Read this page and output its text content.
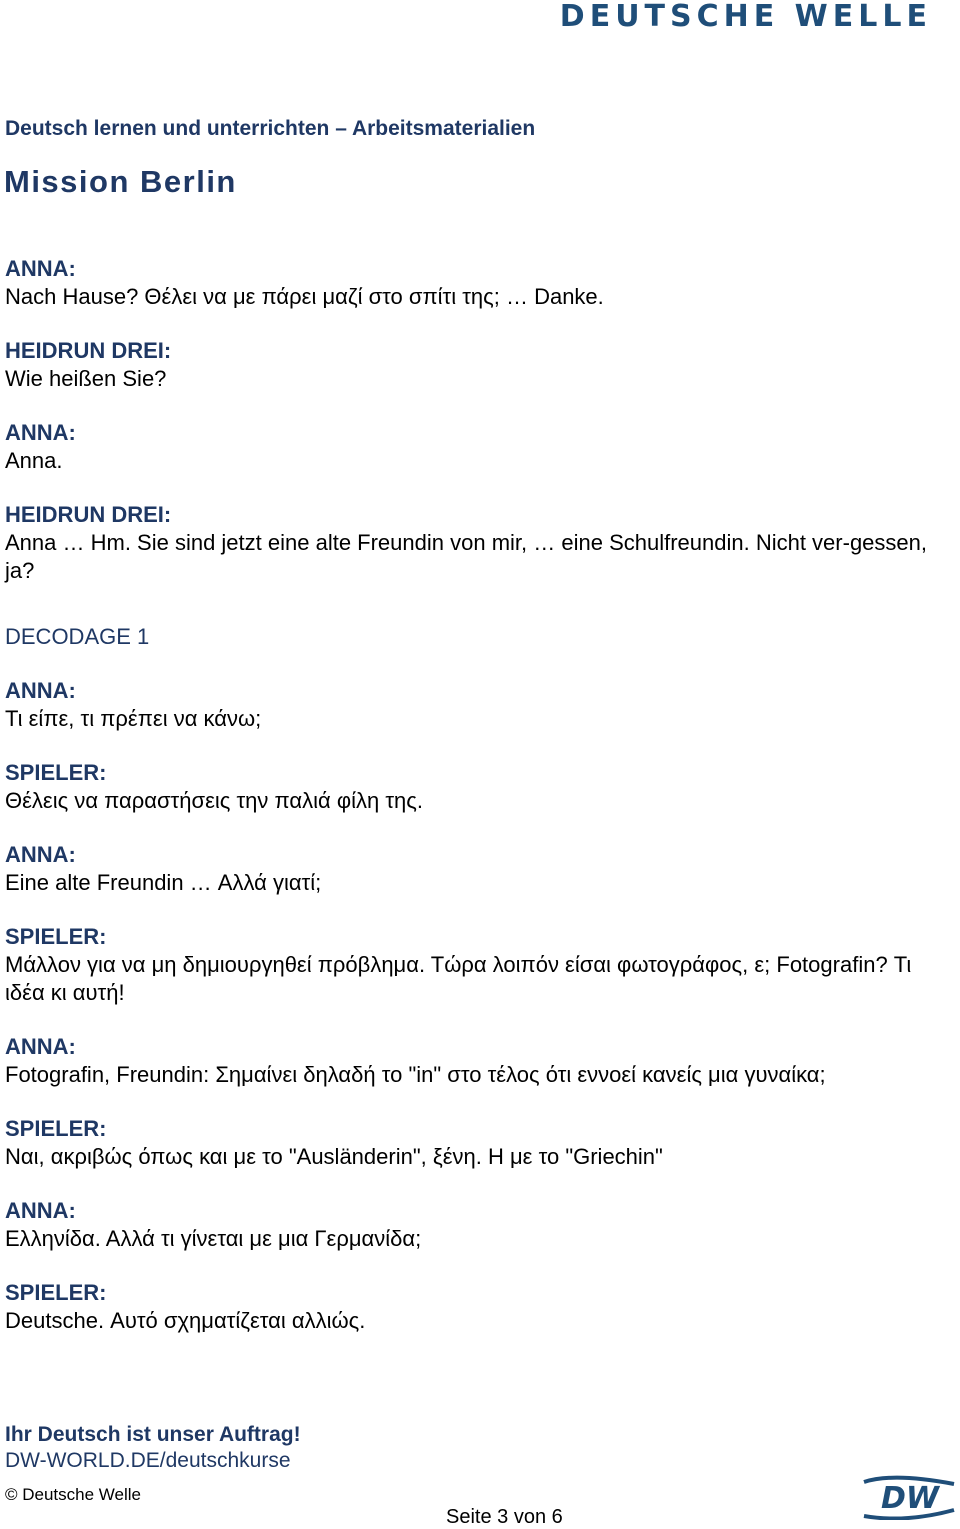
DEUTSCHE WELLE
Deutsch lernen und unterrichten – Arbeitsmaterialien
Mission Berlin

ANNA:

Nach Hause? Θέλει να με πάρει μαζί στο σπίτι της; … Danke.

HEIDRUN DREI:

Wie heißen Sie?

ANNA:

Anna.

HEIDRUN DREI:

Anna … Hm. Sie sind jetzt eine alte Freundin von mir, … eine Schulfreundin. Nicht ver-gessen, ja?

DECODAGE 1

ANNA:

Τι είπε, τι πρέπει να κάνω;

SPIELER:

Θέλεις να παραστήσεις την παλιά φίλη της.

ANNA:

Eine alte Freundin … Αλλά γιατί;

SPIELER:

Μάλλον για να μη δημιουργηθεί πρόβλημα. Τώρα λοιπόν είσαι φωτογράφος, ε; Fotografin? Τι ιδέα κι αυτή!

ANNA:

Fotografin, Freundin: Σημαίνει δηλαδή το "in" στο τέλος ότι εννοεί κανείς μια γυναίκα;

SPIELER:

Ναι, ακριβώς όπως και με το "Ausländerin", ξένη. Η με το "Griechin"

ANNA:

Ελληνίδα. Αλλά τι γίνεται με μια Γερμανίδα;

SPIELER:

Deutsche. Αυτό σχηματίζεται αλλιώς.

Ihr Deutsch ist unser Auftrag!
DW-WORLD.DE/deutschkurse
© Deutsche Welle
Seite 3 von 6
DW
